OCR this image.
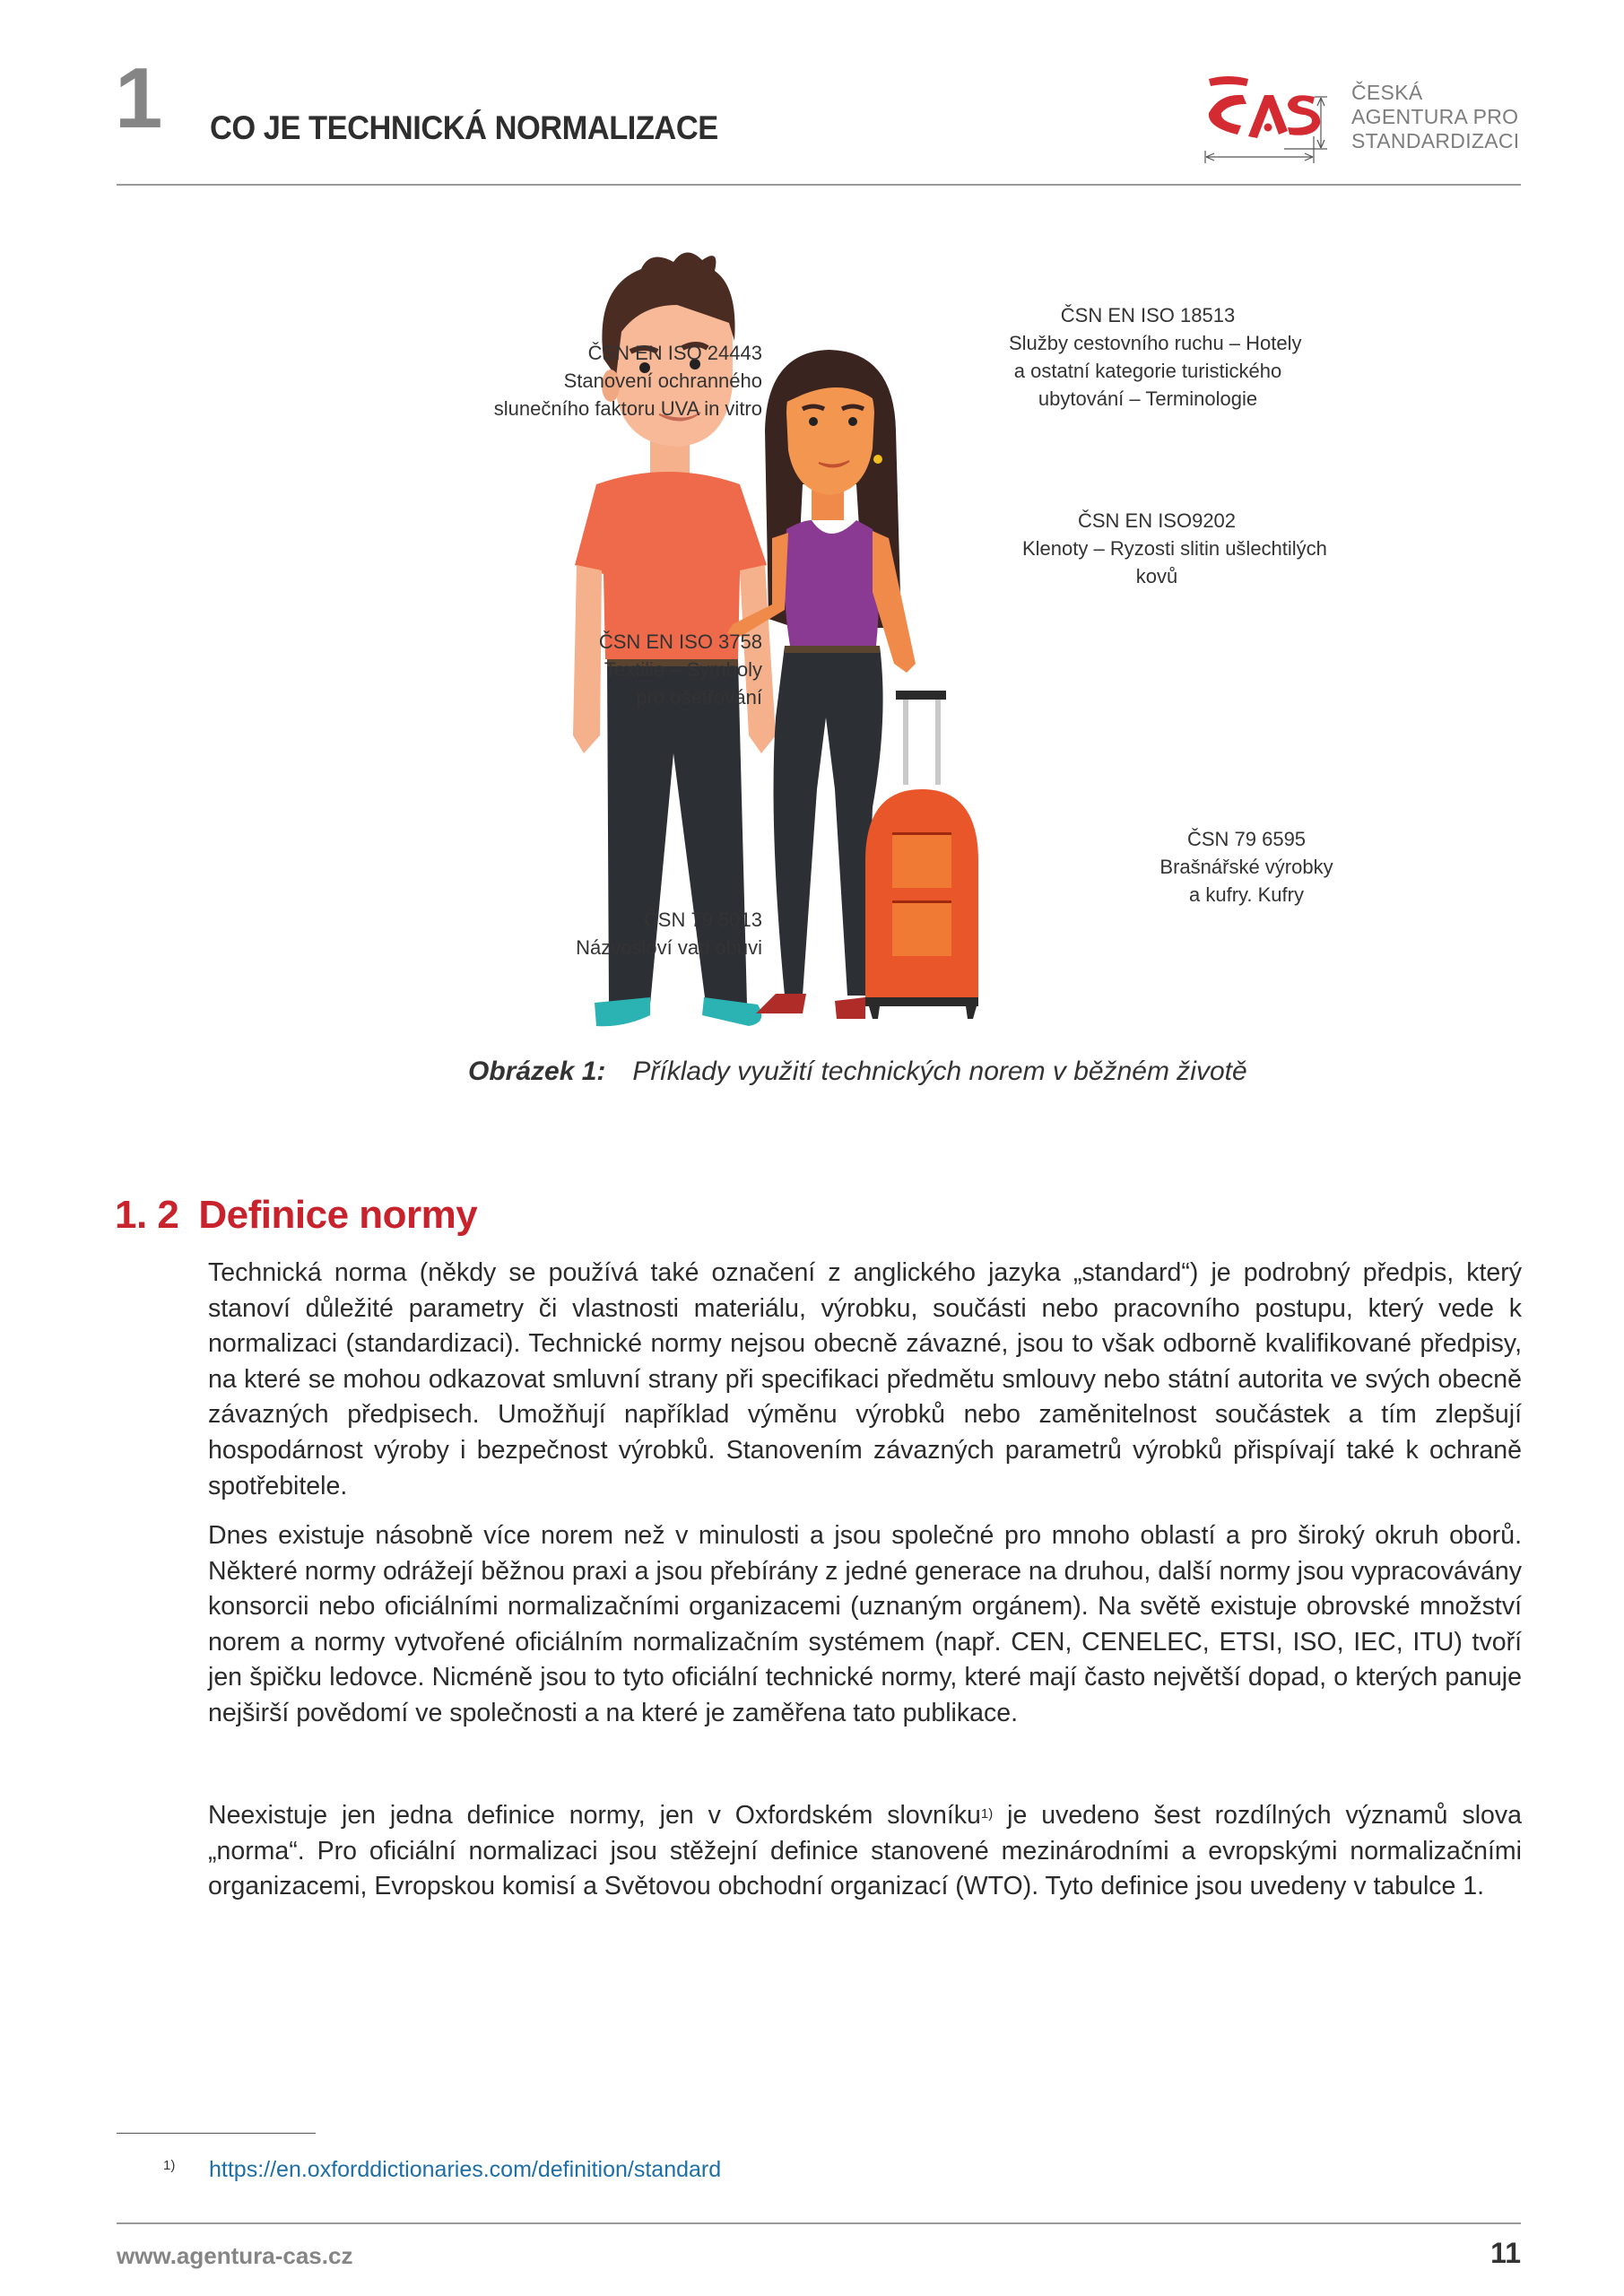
1 CO JE TECHNICKÁ NORMALIZACE
ČESKÁ
AGENTURA PRO
STANDARDIZACI
ČSN EN ISO 24443
Stanovení ochranného
slunečního faktoru UVA in vitro
ČSN EN ISO 18513
Služby cestovního ruchu – Hotely
a ostatní kategorie turistického
ubytování – Terminologie
ČSN EN ISO9202
Klenoty – Ryzosti slitin ušlechtilých
kovů
ČSN EN ISO 3758
Textilie – Symboly
pro ošetřování
ČSN 79 6595
Brašnářské výrobky
a kufry. Kufry
ČSN 79 5013
Názvosloví vad obuvi
Obrázek 1: Příklady využití technických norem v běžném životě
1. 2 Definice normy

Technická norma (někdy se používá také označení z anglického jazyka „standard“) je podrobný předpis, který stanoví důležité parametry či vlastnosti materiálu, výrobku, součásti nebo pracovního postupu, který vede k normalizaci (standardizaci). Technické normy nejsou obecně závazné, jsou to však odborně kvalifikované předpisy, na které se mohou odkazovat smluvní strany při specifikaci předmětu smlouvy nebo státní autorita ve svých obecně závazných předpisech. Umožňují například výměnu výrobků nebo zaměnitelnost součástek a tím zlepšují hospodárnost výroby i bezpečnost výrobků. Stanovením závazných parametrů výrobků přispívají také k ochraně spotřebitele.

Dnes existuje násobně více norem než v minulosti a jsou společné pro mnoho oblastí a pro široký okruh oborů. Některé normy odrážejí běžnou praxi a jsou přebírány z jedné generace na druhou, další normy jsou vypracovávány konsorcii nebo oficiálními normalizačními organizacemi (uznaným orgánem). Na světě existuje obrovské množství norem a normy vytvořené oficiálním normalizačním systémem (např. CEN, CENELEC, ETSI, ISO, IEC, ITU) tvoří jen špičku ledovce. Nicméně jsou to tyto oficiální technické normy, které mají často největší dopad, o kterých panuje nejširší povědomí ve společnosti a na které je zaměřena tato publikace.

Neexistuje jen jedna definice normy, jen v Oxfordském slovníku$^{1)}$ je uvedeno šest rozdílných významů slova „norma“. Pro oficiální normalizaci jsou stěžejní definice stanovené mezinárodními a evropskými normalizačními organizacemi, Evropskou komisí a Světovou obchodní organizací (WTO). Tyto definice jsou uvedeny v tabulce 1.

1) https://en.oxforddictionaries.com/definition/standard
www.agentura-cas.cz	11
